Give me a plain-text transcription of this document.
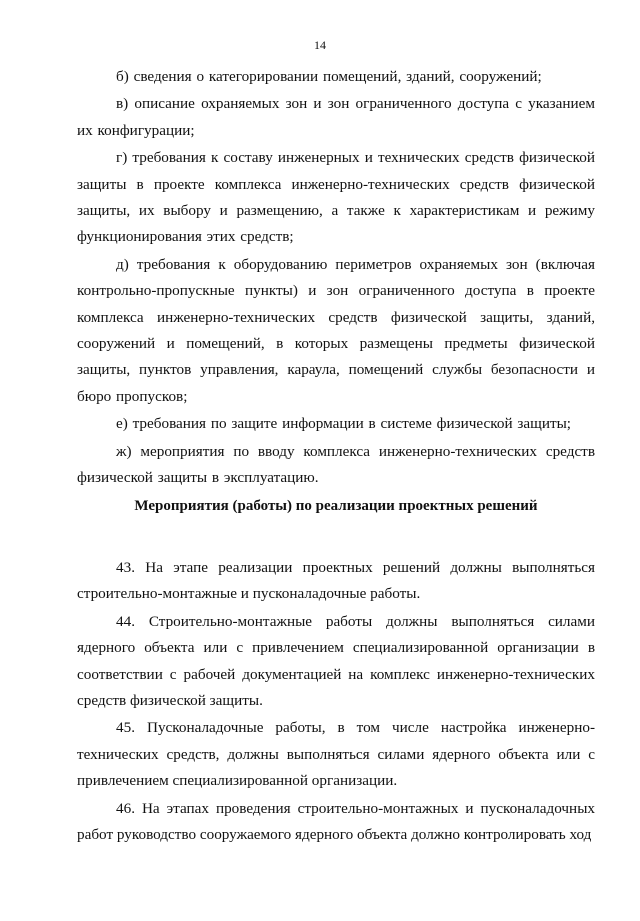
14

б) сведения о категорировании помещений, зданий, сооружений;

в) описание охраняемых зон и зон ограниченного доступа с указанием их конфигурации;

г) требования к составу инженерных и технических средств физической защиты в проекте комплекса инженерно-технических средств физической защиты, их выбору и размещению, а также к характеристикам и режиму функционирования этих средств;

д) требования к оборудованию периметров охраняемых зон (включая контрольно-пропускные пункты) и зон ограниченного доступа в проекте комплекса инженерно-технических средств физической защиты, зданий, сооружений и помещений, в которых размещены предметы физической защиты, пунктов управления, караула, помещений службы безопасности и бюро пропусков;

е) требования по защите информации в системе физической защиты;

ж) мероприятия по вводу комплекса инженерно-технических средств физической защиты в эксплуатацию.

Мероприятия (работы) по реализации проектных решений

43. На этапе реализации проектных решений должны выполняться строительно-монтажные и пусконаладочные работы.

44. Строительно-монтажные работы должны выполняться силами ядерного объекта или с привлечением специализированной организации в соответствии с рабочей документацией на комплекс инженерно-технических средств физической защиты.

45. Пусконаладочные работы, в том числе настройка инженерно-технических средств, должны выполняться силами ядерного объекта или с привлечением специализированной организации.

46. На этапах проведения строительно-монтажных и пусконаладочных работ руководство сооружаемого ядерного объекта должно контролировать ход
